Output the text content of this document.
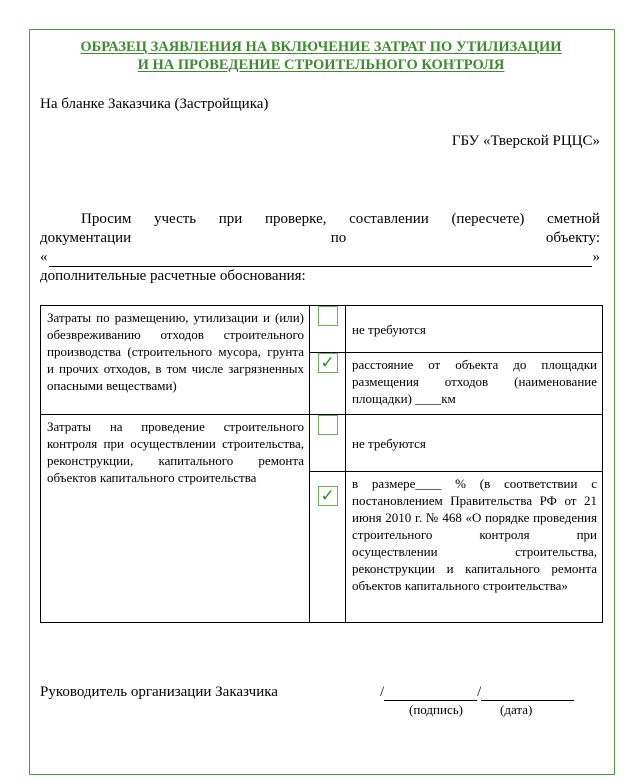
ОБРАЗЕЦ ЗАЯВЛЕНИЯ НА ВКЛЮЧЕНИЕ ЗАТРАТ ПО УТИЛИЗАЦИИ
И НА ПРОВЕДЕНИЕ СТРОИТЕЛЬНОГО КОНТРОЛЯ
На бланке Заказчика (Застройщика)
ГБУ «Тверской РЦЦС»
Просим учесть при проверке, составлении (пересчете) сметной
документации	по	объекту:
«	»
дополнительные расчетные обоснования:
Затраты по размещению, утилизации и (или) обезвреживанию отходов строительного производства (строительного мусора, грунта и прочих отходов, в том числе загрязненных опасными веществами)		не требуются

	✓	расстояние от объекта до площадки размещения отходов (наименование площадки) ____км
Затраты на проведение строительного контроля при осуществлении строительства, реконструкции, капитального ремонта объектов капитального строительства		не требуются

	✓	в размере____ % (в соответствии с постановлением Правительства РФ от 21 июня 2010 г. № 468 «О порядке проведения строительного контроля при осуществлении строительства, реконструкции и капитального ремонта объектов капитального строительства»
Руководитель организации Заказчика	/	/
(подпись)	(дата)
